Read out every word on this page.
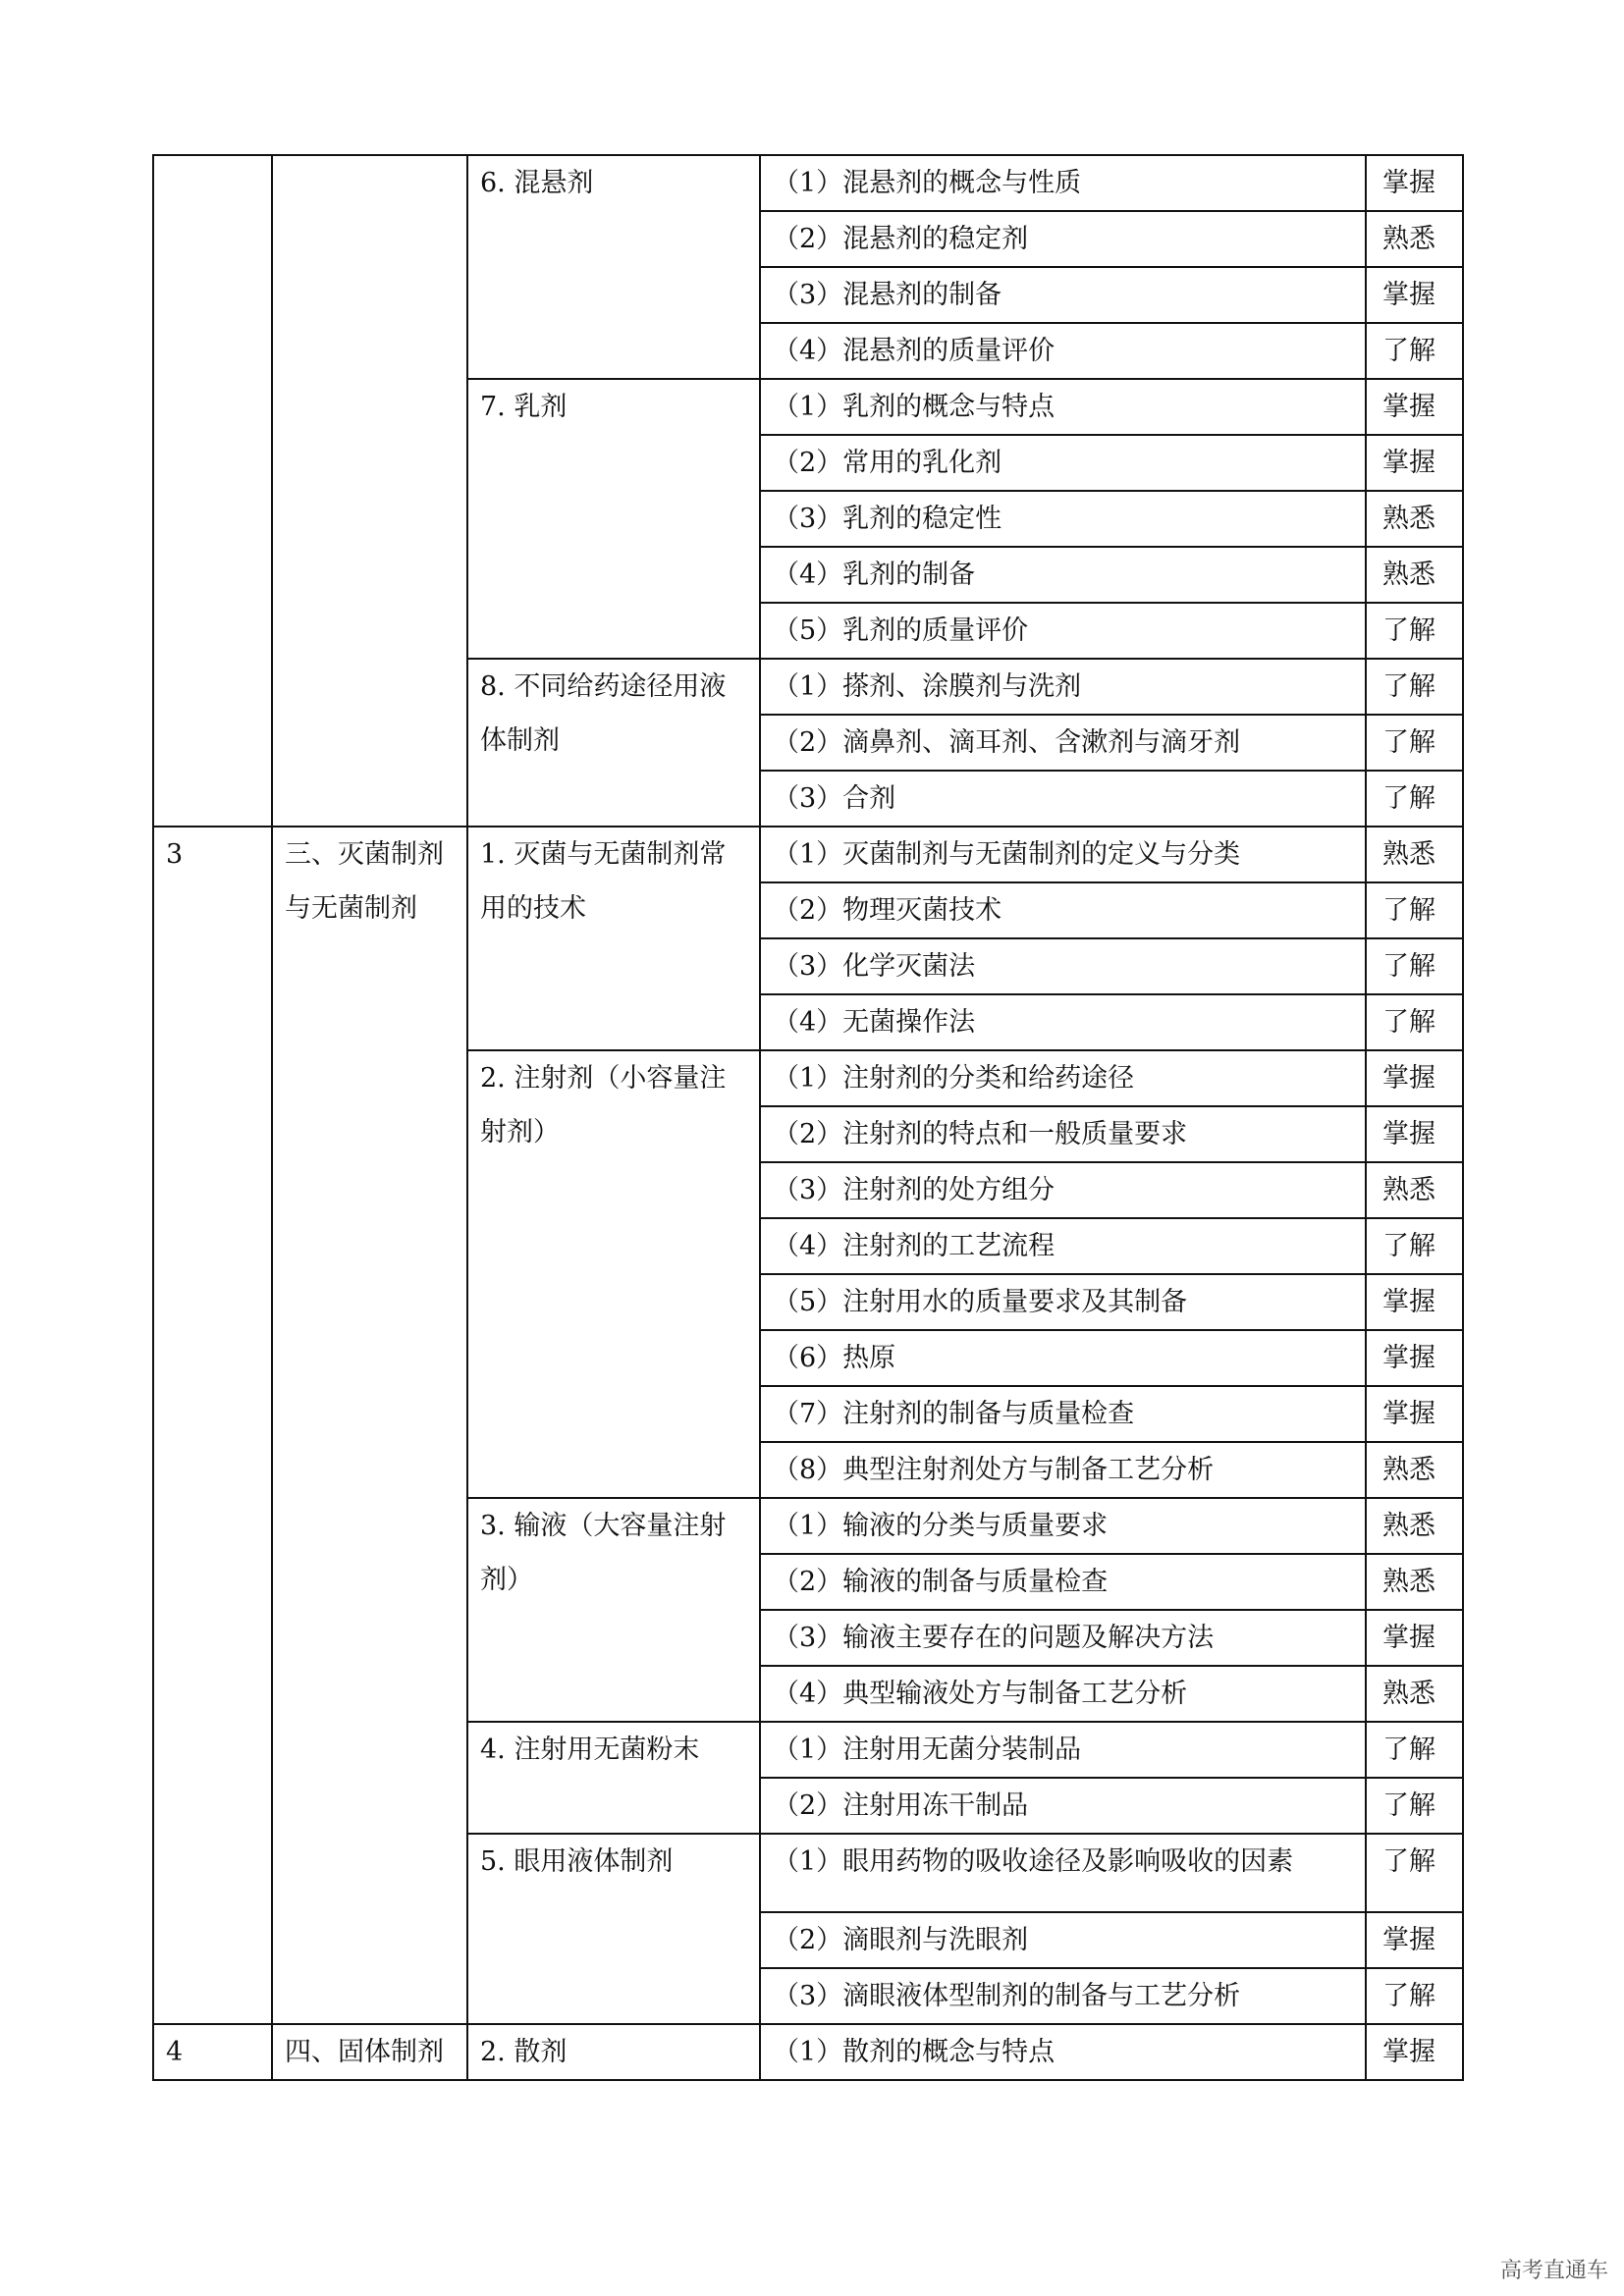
		6. 混悬剂	（1）混悬剂的概念与性质	掌握
			（2）混悬剂的稳定剂	熟悉
			（3）混悬剂的制备	掌握
			（4）混悬剂的质量评价	了解
		7. 乳剂	（1）乳剂的概念与特点	掌握
			（2）常用的乳化剂	掌握
			（3）乳剂的稳定性	熟悉
			（4）乳剂的制备	熟悉
			（5）乳剂的质量评价	了解
		8. 不同给药途径用液体制剂	（1）搽剂、涂膜剂与洗剂	了解
			（2）滴鼻剂、滴耳剂、含漱剂与滴牙剂	了解
			（3）合剂	了解
3	三、灭菌制剂与无菌制剂	1. 灭菌与无菌制剂常用的技术	（1）灭菌制剂与无菌制剂的定义与分类	熟悉
			（2）物理灭菌技术	了解
			（3）化学灭菌法	了解
			（4）无菌操作法	了解
		2. 注射剂（小容量注射剂）	（1）注射剂的分类和给药途径	掌握
			（2）注射剂的特点和一般质量要求	掌握
			（3）注射剂的处方组分	熟悉
			（4）注射剂的工艺流程	了解
			（5）注射用水的质量要求及其制备	掌握
			（6）热原	掌握
			（7）注射剂的制备与质量检查	掌握
			（8）典型注射剂处方与制备工艺分析	熟悉
		3. 输液（大容量注射剂）	（1）输液的分类与质量要求	熟悉
			（2）输液的制备与质量检查	熟悉
			（3）输液主要存在的问题及解决方法	掌握
			（4）典型输液处方与制备工艺分析	熟悉
		4. 注射用无菌粉末	（1）注射用无菌分装制品	了解
			（2）注射用冻干制品	了解
		5. 眼用液体制剂	（1）眼用药物的吸收途径及影响吸收的因素	了解
			（2）滴眼剂与洗眼剂	掌握
			（3）滴眼液体型制剂的制备与工艺分析	了解
4	四、固体制剂	2. 散剂	（1）散剂的概念与特点	掌握
高考直通车
